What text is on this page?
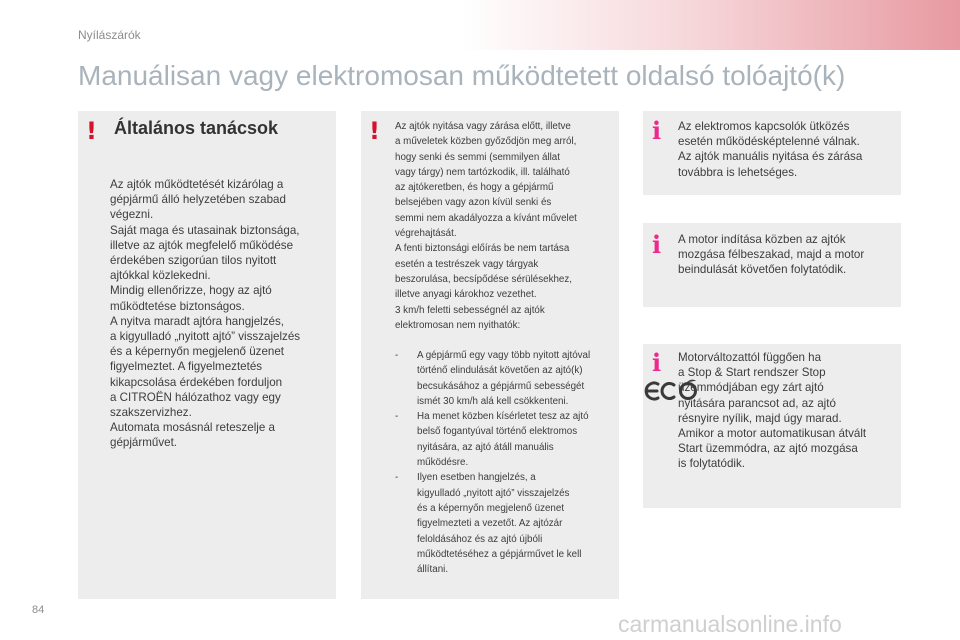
Nyílászárók
Manuálisan vagy elektromosan működtetett oldalsó tolóajtó(k)
! Általános tanácsok
Az ajtók működtetését kizárólag a
gépjármű álló helyzetében szabad
végezni.
Saját maga és utasainak biztonsága,
illetve az ajtók megfelelő működése
érdekében szigorúan tilos nyitott
ajtókkal közlekedni.
Mindig ellenőrizze, hogy az ajtó
működtetése biztonságos.
A nyitva maradt ajtóra hangjelzés,
a kigyulladó „nyitott ajtó” visszajelzés
és a képernyőn megjelenő üzenet
figyelmeztet. A figyelmeztetés
kikapcsolása érdekében forduljon
a CITROËN hálózathoz vagy egy
szakszervizhez.
Automata mosásnál reteszelje a
gépjárművet.
! Az ajtók nyitása vagy zárása előtt, illetve
a műveletek közben győződjön meg arról,
hogy senki és semmi (semmilyen állat
vagy tárgy) nem tartózkodik, ill. található
az ajtókeretben, és hogy a gépjármű
belsejében vagy azon kívül senki és
semmi nem akadályozza a kívánt művelet
végrehajtását.
A fenti biztonsági előírás be nem tartása
esetén a testrészek vagy tárgyak
beszorulása, becsípődése sérülésekhez,
illetve anyagi károkhoz vezethet.
3 km/h feletti sebességnél az ajtók
elektromosan nem nyithatók:
- A gépjármű egy vagy több nyitott ajtóval
történő elindulását követően az ajtó(k)
becsukásához a gépjármű sebességét
ismét 30 km/h alá kell csökkenteni.
- Ha menet közben kísérletet tesz az ajtó
belső fogantyúval történő elektromos
nyitására, az ajtó átáll manuális
működésre.
- Ilyen esetben hangjelzés, a
kigyulladó „nyitott ajtó” visszajelzés
és a képernyőn megjelenő üzenet
figyelmezteti a vezetőt. Az ajtózár
feloldásához és az ajtó újbóli
működtetéséhez a gépjárművet le kell
állítani.
i Az elektromos kapcsolók ütközés
esetén működésképtelenné válnak.
Az ajtók manuális nyitása és zárása
továbbra is lehetséges.
i A motor indítása közben az ajtók
mozgása félbeszakad, majd a motor
beindulását követően folytatódik.
i Motorváltozattól függően ha
a Stop & Start rendszer Stop
üzemmódjában egy zárt ajtó
nyitására parancsot ad, az ajtó
résnyire nyílik, majd úgy marad.
Amikor a motor automatikusan átvált
Start üzemmódra, az ajtó mozgása
is folytatódik.
84
carmanualsonline.info
